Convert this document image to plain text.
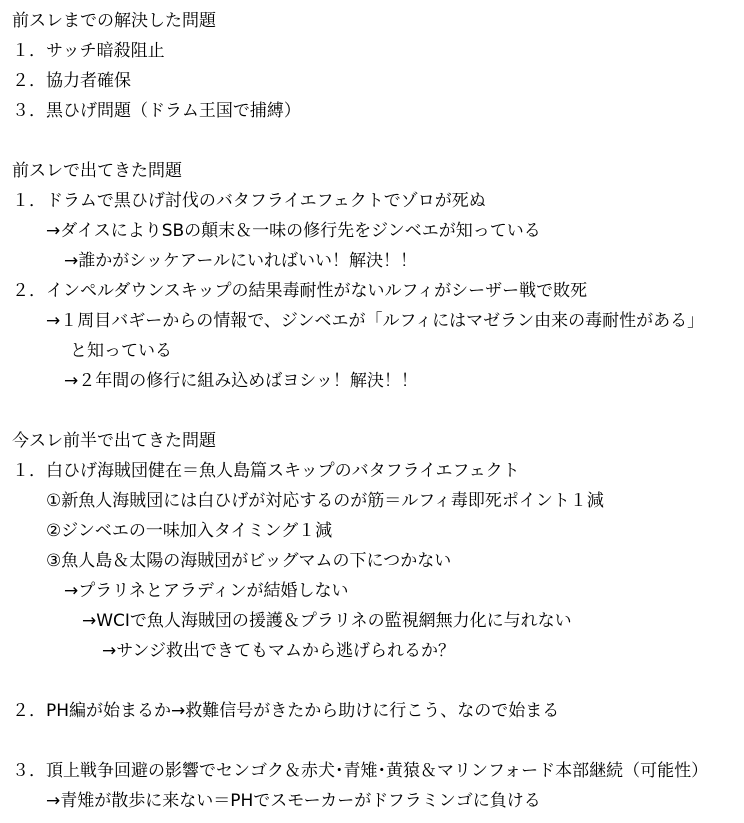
前スレまでの解決した問題
１．サッチ暗殺阻止
２．協力者確保
３．黒ひげ問題（ドラム王国で捕縛）
前スレで出てきた問題
１．ドラムで黒ひげ討伐のバタフライエフェクトでゾロが死ぬ
→ダイスによりSBの顛末＆一味の修行先をジンベエが知っている
→誰かがシッケアールにいればいい！解決！！
２．インペルダウンスキップの結果毒耐性がないルフィがシーザー戦で敗死
→１周目バギーからの情報で、ジンベエが「ルフィにはマゼラン由来の毒耐性がある」
と知っている
→２年間の修行に組み込めばヨシッ！解決！！
今スレ前半で出てきた問題
１．白ひげ海賊団健在＝魚人島篇スキップのバタフライエフェクト
①新魚人海賊団には白ひげが対応するのが筋＝ルフィ毒即死ポイント１減
②ジンベエの一味加入タイミング１減
③魚人島＆太陽の海賊団がビッグマムの下につかない
→プラリネとアラディンが結婚しない
→WCIで魚人海賊団の援護＆プラリネの監視網無力化に与れない
→サンジ救出できてもマムから逃げられるか？
２．PH編が始まるか→救難信号がきたから助けに行こう、なので始まる
３．頂上戦争回避の影響でセンゴク＆赤犬･青雉･黄猿＆マリンフォード本部継続（可能性）
→青雉が散歩に来ない＝PHでスモーカーがドフラミンゴに負ける
